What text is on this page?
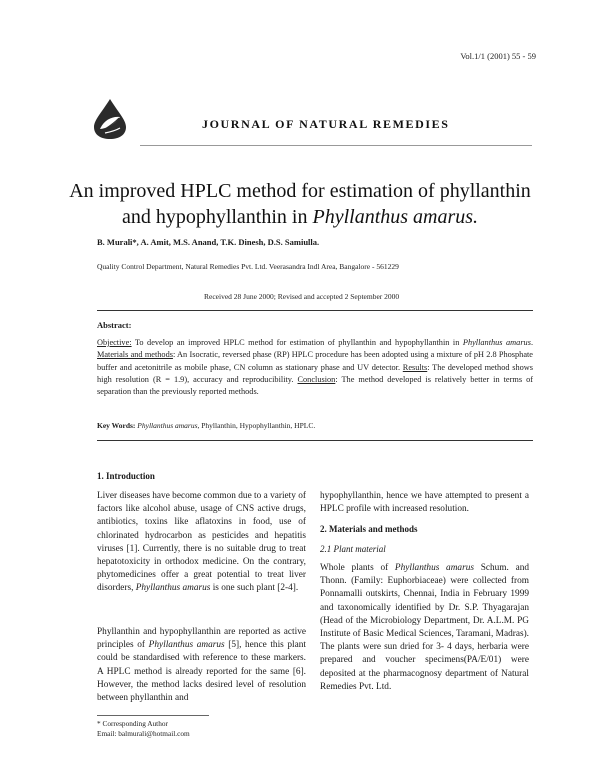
Vol.1/1 (2001) 55 - 59
JOURNAL OF NATURAL REMEDIES
An improved HPLC method for estimation of phyllanthin
and hypophyllanthin in Phyllanthus amarus.
B. Murali*, A. Amit, M.S. Anand, T.K. Dinesh, D.S. Samiulla.
Quality Control Department, Natural Remedies Pvt. Ltd. Veerasandra Indl Area, Bangalore - 561229
Received 28 June 2000; Revised and accepted 2 September 2000
Abstract:
Objective: To develop an improved HPLC method for estimation of phyllanthin and hypophyllanthin in Phyllanthus amarus. Materials and methods: An Isocratic, reversed phase (RP) HPLC procedure has been adopted using a mixture of pH 2.8 Phosphate buffer and acetonitrile as mobile phase, CN column as stationary phase and UV detector. Results: The developed method shows high resolution (R = 1.9), accuracy and reproducibility. Conclusion: The method developed is relatively better in terms of separation than the previously reported methods.
Key Words: Phyllanthus amarus, Phyllanthin, Hypophyllanthin, HPLC.
1. Introduction
Liver diseases have become common due to a variety of factors like alcohol abuse, usage of CNS active drugs, antibiotics, toxins like aflatoxins in food, use of chlorinated hydrocarbon as pesticides and hepatitis viruses [1]. Currently, there is no suitable drug to treat hepatotoxicity in orthodox medicine. On the contrary, phytomedicines offer a great potential to treat liver disorders, Phyllanthus amarus is one such plant [2-4].
Phyllanthin and hypophyllanthin are reported as active principles of Phyllanthus amarus [5], hence this plant could be standardised with reference to these markers. A HPLC method is already reported for the same [6]. However, the method lacks desired level of resolution between phyllanthin and
hypophyllanthin, hence we have attempted to present a HPLC profile with increased resolution.
2. Materials and methods
2.1 Plant material
Whole plants of Phyllanthus amarus Schum. and Thonn. (Family: Euphorbiaceae) were collected from Ponnamalli outskirts, Chennai, India in February 1999 and taxonomically identified by Dr. S.P. Thyagarajan (Head of the Microbiology Department, Dr. A.L.M. PG Institute of Basic Medical Sciences, Taramani, Madras). The plants were sun dried for 3- 4 days, herbaria were prepared and voucher specimens(PA/E/01) were deposited at the pharmacognosy department of Natural Remedies Pvt. Ltd.
* Corresponding Author
Email: balmurali@hotmail.com
